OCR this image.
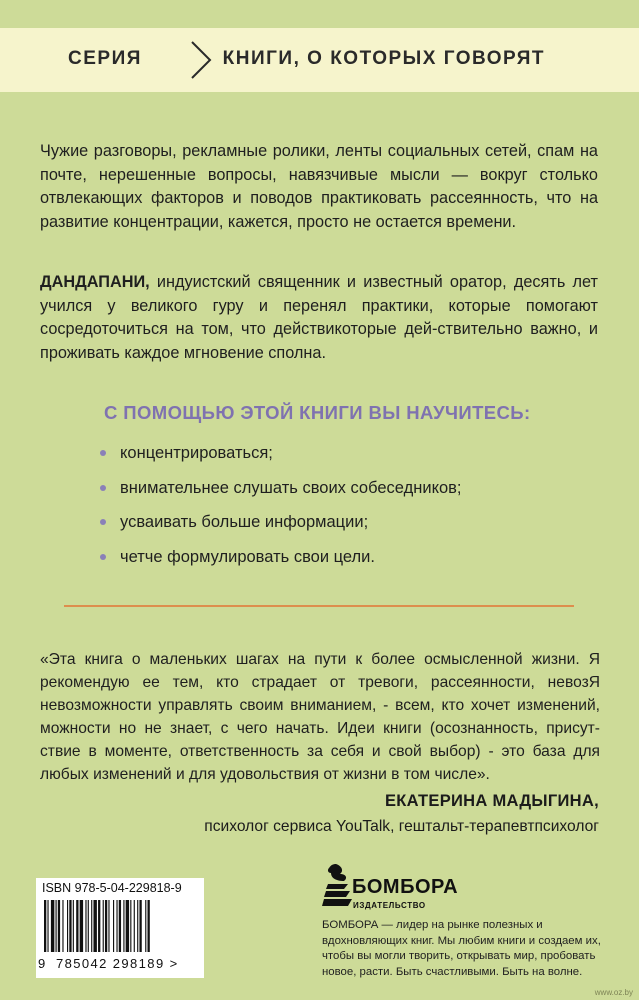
СЕРИЯ	КНИГИ, О КОТОРЫХ ГОВОРЯТ

Чужие разговоры, рекламные ролики, ленты социальных сетей, спам на почте, нерешенные вопросы, навязчивые мысли — вокруг столько отвлекающих факторов и поводов практиковать рассеянность, что на развитие концентрации, кажется, просто не остается времени.

ДАНДАПАНИ, индуистский священник и известный оратор, десять лет учился у великого гуру и перенял практики, которые помогают сосредоточиться на том, что действикоторые дей-ствительно важно, и проживать каждое мгновение сполна.

С ПОМОЩЬЮ ЭТОЙ КНИГИ ВЫ НАУЧИТЕСЬ:
концентрироваться;
внимательнее слушать своих собеседников;
усваивать больше информации;
четче формулировать свои цели.

«Эта книга о маленьких шагах на пути к более осмысленной жизни. Я рекомендую ее тем, кто страдает от тревоги, рассеянности, невозЯ невозможности управлять своим вниманием, - всем, кто хочет изменений, можности но не знает, с чего начать. Идеи книги (осознанность, присут-ствие в моменте, ответственность за себя и свой выбор) - это база для любых изменений и для удовольствия от жизни в том числе».

ЕКАТЕРИНА МАДЫГИНА,

психолог сервиса YouTalk, гештальт-терапевтпсихолог

ISBN 978-5-04-229818-9
9 785042 298189 >
БОМБОРА
ИЗДАТЕЛЬСТВО

БОМБОРА — лидер на рынке полезных и вдохновляющих книг. Мы любим книги и создаем их, чтобы вы могли творить, открывать мир, пробовать новое, расти. Быть счастливыми. Быть на волне.

www.oz.by
